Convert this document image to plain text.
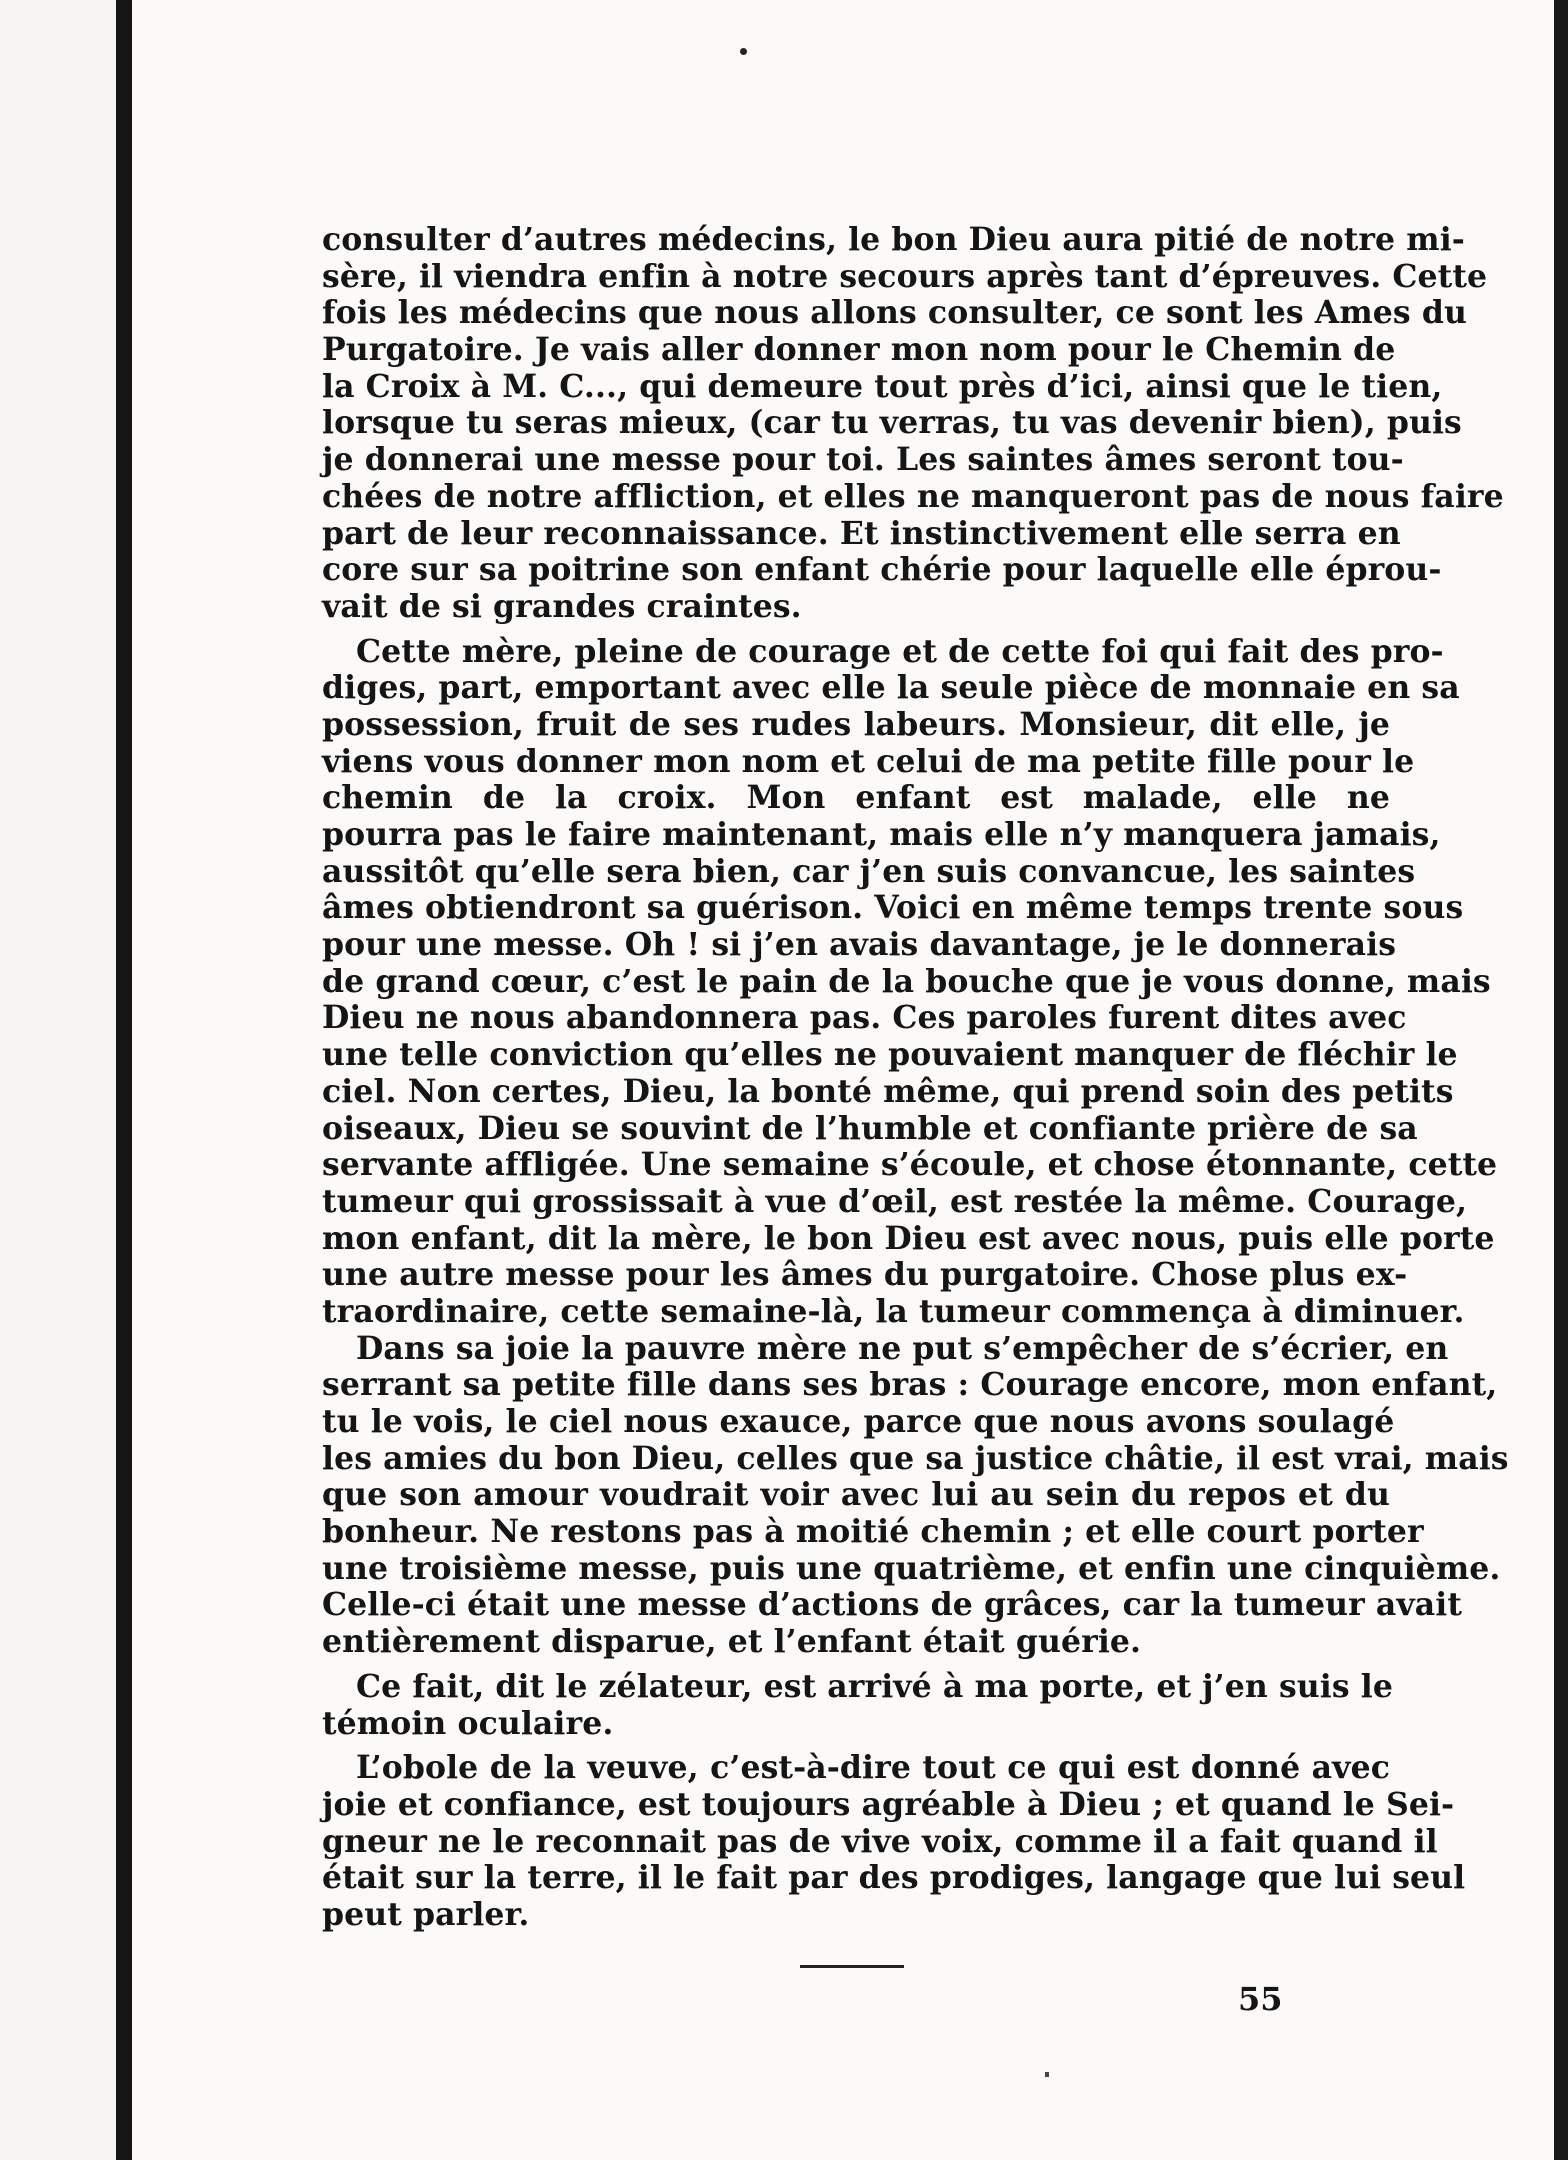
consulter d’autres médecins, le bon Dieu aura pitié de notre mi-
sère, il viendra enfin à notre secours après tant d’épreuves. Cette
fois les médecins que nous allons consulter, ce sont les Ames du
Purgatoire. Je vais aller donner mon nom pour le Chemin de
la Croix à M. C..., qui demeure tout près d’ici, ainsi que le tien,
lorsque tu seras mieux, (car tu verras, tu vas devenir bien), puis
je donnerai une messe pour toi. Les saintes âmes seront tou-
chées de notre affliction, et elles ne manqueront pas de nous faire
part de leur reconnaissance. Et instinctivement elle serra en
core sur sa poitrine son enfant chérie pour laquelle elle éprou-
vait de si grandes craintes.
Cette mère, pleine de courage et de cette foi qui fait des pro-
diges, part, emportant avec elle la seule pièce de monnaie en sa
possession, fruit de ses rudes labeurs. Monsieur, dit elle, je
viens vous donner mon nom et celui de ma petite fille pour le
chemin de la croix. Mon enfant est malade, elle ne
pourra pas le faire maintenant, mais elle n’y manquera jamais,
aussitôt qu’elle sera bien, car j’en suis convancue, les saintes
âmes obtiendront sa guérison. Voici en même temps trente sous
pour une messe. Oh ! si j’en avais davantage, je le donnerais
de grand cœur, c’est le pain de la bouche que je vous donne, mais
Dieu ne nous abandonnera pas. Ces paroles furent dites avec
une telle conviction qu’elles ne pouvaient manquer de fléchir le
ciel. Non certes, Dieu, la bonté même, qui prend soin des petits
oiseaux, Dieu se souvint de l’humble et confiante prière de sa
servante affligée. Une semaine s’écoule, et chose étonnante, cette
tumeur qui grossissait à vue d’œil, est restée la même. Courage,
mon enfant, dit la mère, le bon Dieu est avec nous, puis elle porte
une autre messe pour les âmes du purgatoire. Chose plus ex-
traordinaire, cette semaine-là, la tumeur commença à diminuer.
Dans sa joie la pauvre mère ne put s’empêcher de s’écrier, en
serrant sa petite fille dans ses bras : Courage encore, mon enfant,
tu le vois, le ciel nous exauce, parce que nous avons soulagé
les amies du bon Dieu, celles que sa justice châtie, il est vrai, mais
que son amour voudrait voir avec lui au sein du repos et du
bonheur. Ne restons pas à moitié chemin ; et elle court porter
une troisième messe, puis une quatrième, et enfin une cinquième.
Celle-ci était une messe d’actions de grâces, car la tumeur avait
entièrement disparue, et l’enfant était guérie.
Ce fait, dit le zélateur, est arrivé à ma porte, et j’en suis le
témoin oculaire.
L’obole de la veuve, c’est-à-dire tout ce qui est donné avec
joie et confiance, est toujours agréable à Dieu ; et quand le Sei-
gneur ne le reconnait pas de vive voix, comme il a fait quand il
était sur la terre, il le fait par des prodiges, langage que lui seul
peut parler.
55
